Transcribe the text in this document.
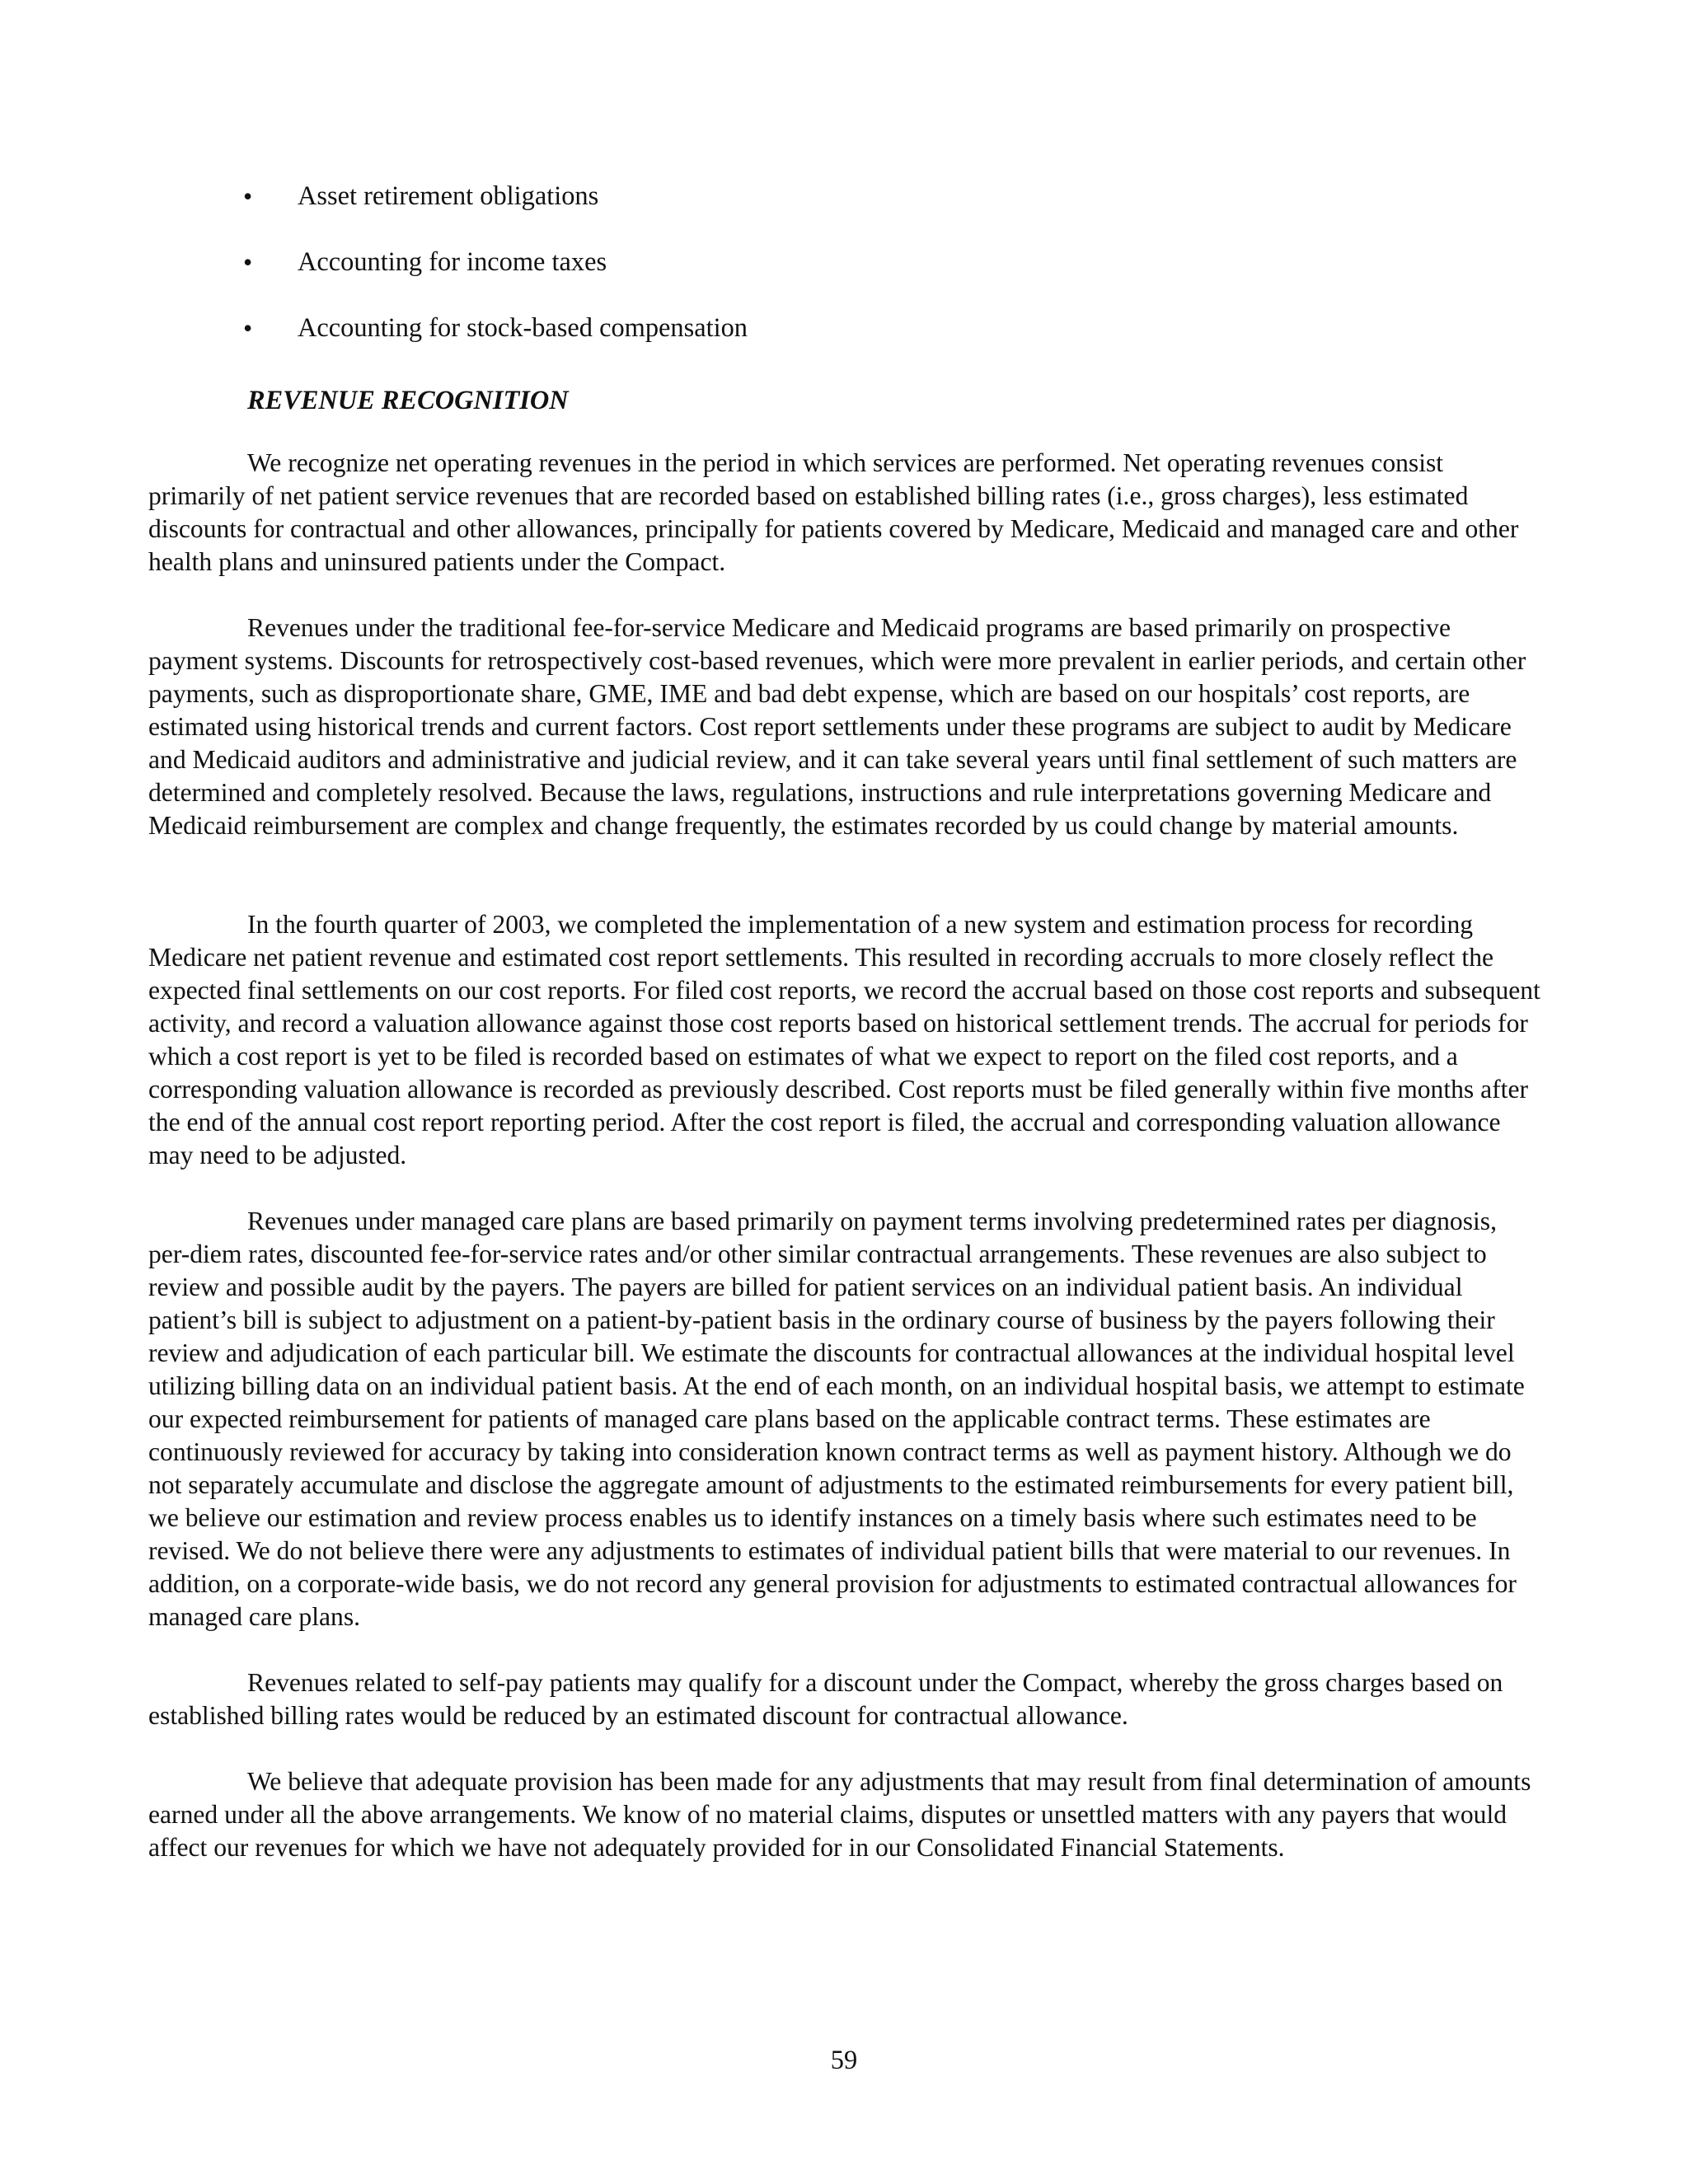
• Asset retirement obligations
• Accounting for income taxes
• Accounting for stock-based compensation
REVENUE RECOGNITION

We recognize net operating revenues in the period in which services are performed. Net operating revenues consist primarily of net patient service revenues that are recorded based on established billing rates (i.e., gross charges), less estimated discounts for contractual and other allowances, principally for patients covered by Medicare, Medicaid and managed care and other health plans and uninsured patients under the Compact.

Revenues under the traditional fee-for-service Medicare and Medicaid programs are based primarily on prospective payment systems. Discounts for retrospectively cost-based revenues, which were more prevalent in earlier periods, and certain other payments, such as disproportionate share, GME, IME and bad debt expense, which are based on our hospitals’ cost reports, are estimated using historical trends and current factors. Cost report settlements under these programs are subject to audit by Medicare and Medicaid auditors and administrative and judicial review, and it can take several years until final settlement of such matters are determined and completely resolved. Because the laws, regulations, instructions and rule interpretations governing Medicare and Medicaid reimbursement are complex and change frequently, the estimates recorded by us could change by material amounts.

In the fourth quarter of 2003, we completed the implementation of a new system and estimation process for recording Medicare net patient revenue and estimated cost report settlements. This resulted in recording accruals to more closely reflect the expected final settlements on our cost reports. For filed cost reports, we record the accrual based on those cost reports and subsequent activity, and record a valuation allowance against those cost reports based on historical settlement trends. The accrual for periods for which a cost report is yet to be filed is recorded based on estimates of what we expect to report on the filed cost reports, and a corresponding valuation allowance is recorded as previously described. Cost reports must be filed generally within five months after the end of the annual cost report reporting period. After the cost report is filed, the accrual and corresponding valuation allowance may need to be adjusted.

Revenues under managed care plans are based primarily on payment terms involving predetermined rates per diagnosis, per-diem rates, discounted fee-for-service rates and/or other similar contractual arrangements. These revenues are also subject to review and possible audit by the payers. The payers are billed for patient services on an individual patient basis. An individual patient’s bill is subject to adjustment on a patient-by-patient basis in the ordinary course of business by the payers following their review and adjudication of each particular bill. We estimate the discounts for contractual allowances at the individual hospital level utilizing billing data on an individual patient basis. At the end of each month, on an individual hospital basis, we attempt to estimate our expected reimbursement for patients of managed care plans based on the applicable contract terms. These estimates are continuously reviewed for accuracy by taking into consideration known contract terms as well as payment history. Although we do not separately accumulate and disclose the aggregate amount of adjustments to the estimated reimbursements for every patient bill, we believe our estimation and review process enables us to identify instances on a timely basis where such estimates need to be revised. We do not believe there were any adjustments to estimates of individual patient bills that were material to our revenues. In addition, on a corporate-wide basis, we do not record any general provision for adjustments to estimated contractual allowances for managed care plans.

Revenues related to self-pay patients may qualify for a discount under the Compact, whereby the gross charges based on established billing rates would be reduced by an estimated discount for contractual allowance.

We believe that adequate provision has been made for any adjustments that may result from final determination of amounts earned under all the above arrangements. We know of no material claims, disputes or unsettled matters with any payers that would affect our revenues for which we have not adequately provided for in our Consolidated Financial Statements.

59
